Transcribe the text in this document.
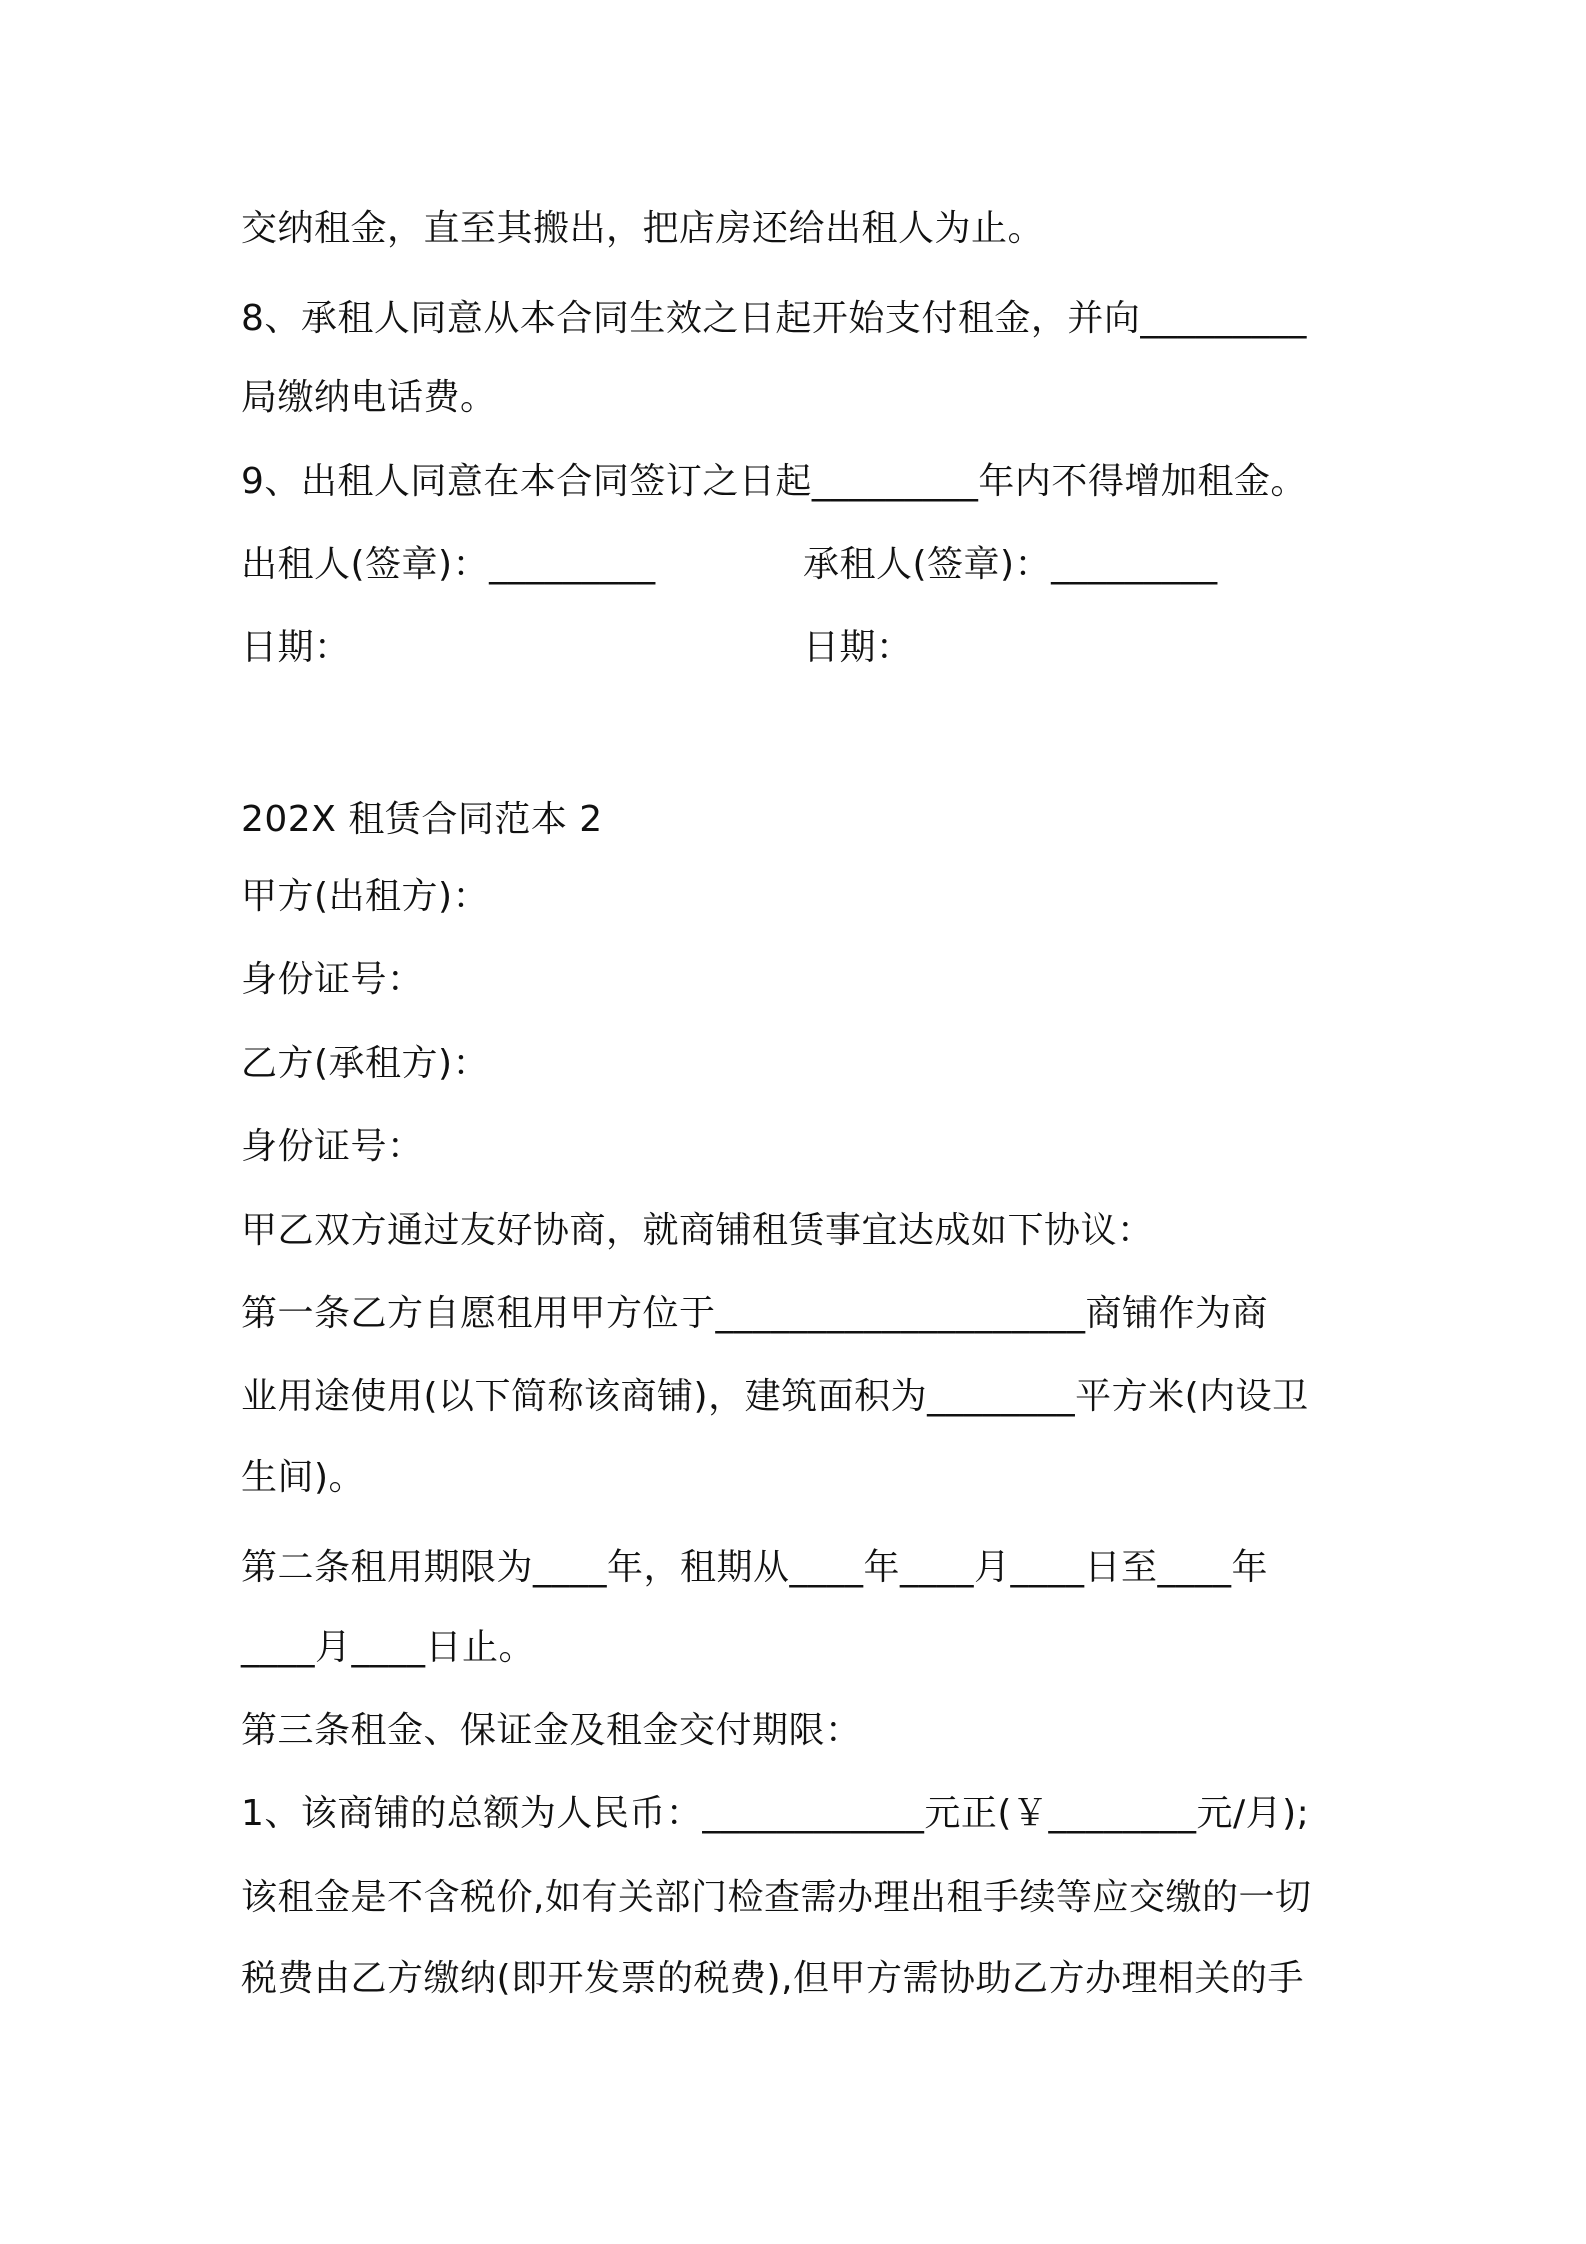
交纳租金，直至其搬出，把店房还给出租人为止。
8、承租人同意从本合同生效之日起开始支付租金，并向_________
局缴纳电话费。
9、出租人同意在本合同签订之日起_________年内不得增加租金。
出租人(签章)：_________	承租人(签章)：_________
日期：	日期：
202X 租赁合同范本 2
甲方(出租方)：
身份证号：
乙方(承租方)：
身份证号：
甲乙双方通过友好协商，就商铺租赁事宜达成如下协议：
第一条乙方自愿租用甲方位于____________________商铺作为商
业用途使用(以下简称该商铺)，建筑面积为________平方米(内设卫
生间)。
第二条租用期限为____年，租期从____年____月____日至____年
____月____日止。
第三条租金、保证金及租金交付期限：
1、该商铺的总额为人民币：____________元正(￥________元/月);
该租金是不含税价,如有关部门检查需办理出租手续等应交缴的一切
税费由乙方缴纳(即开发票的税费),但甲方需协助乙方办理相关的手
